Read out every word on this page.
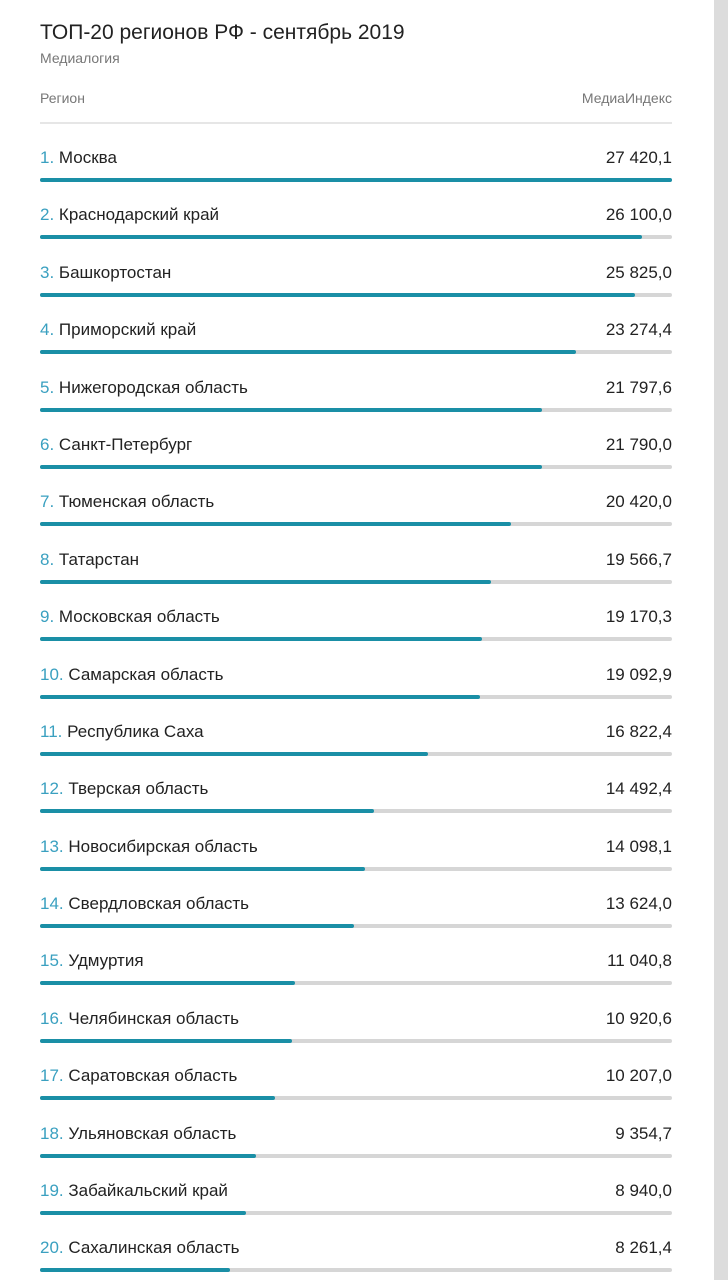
ТОП-20 регионов РФ - сентябрь 2019
Медиалогия
Регион	МедиаИндекс
1. Москва	27 420,1
2. Краснодарский край	26 100,0
3. Башкортостан	25 825,0
4. Приморский край	23 274,4
5. Нижегородская область	21 797,6
6. Санкт-Петербург	21 790,0
7. Тюменская область	20 420,0
8. Татарстан	19 566,7
9. Московская область	19 170,3
10. Самарская область	19 092,9
11. Республика Саха	16 822,4
12. Тверская область	14 492,4
13. Новосибирская область	14 098,1
14. Свердловская область	13 624,0
15. Удмуртия	11 040,8
16. Челябинская область	10 920,6
17. Саратовская область	10 207,0
18. Ульяновская область	9 354,7
19. Забайкальский край	8 940,0
20. Сахалинская область	8 261,4
